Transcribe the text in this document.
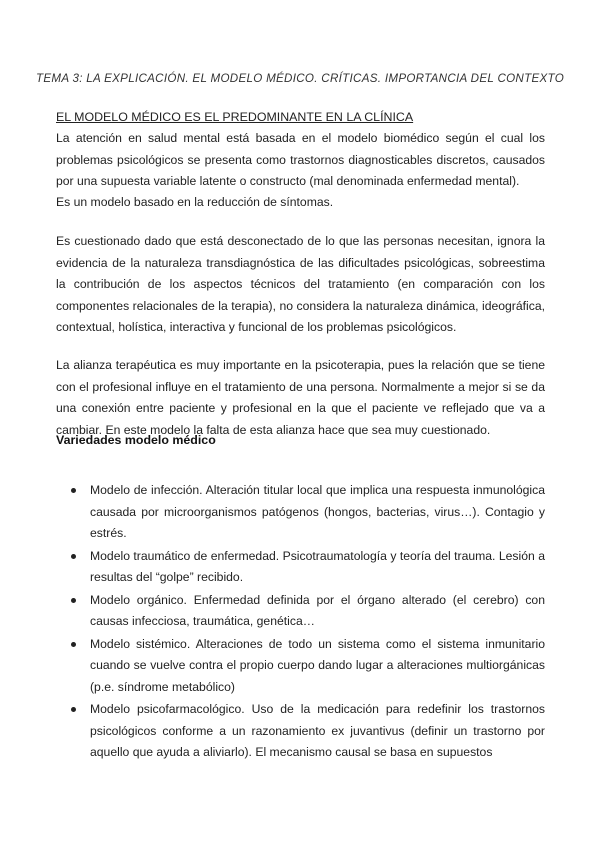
TEMA 3: LA EXPLICACIÓN. EL MODELO MÉDICO. CRÍTICAS. IMPORTANCIA DEL CONTEXTO
EL MODELO MÉDICO ES EL PREDOMINANTE EN LA CLÍNICA

La atención en salud mental está basada en el modelo biomédico según el cual los problemas psicológicos se presenta como trastornos diagnosticables discretos, causados por una supuesta variable latente o constructo (mal denominada enfermedad mental).

Es un modelo basado en la reducción de síntomas.

Es cuestionado dado que está desconectado de lo que las personas necesitan, ignora la evidencia de la naturaleza transdiagnóstica de las dificultades psicológicas, sobreestima la contribución de los aspectos técnicos del tratamiento (en comparación con los componentes relacionales de la terapia), no considera la naturaleza dinámica, ideográfica, contextual, holística, interactiva y funcional de los problemas psicológicos.

La alianza terapéutica es muy importante en la psicoterapia, pues la relación que se tiene con el profesional influye en el tratamiento de una persona. Normalmente a mejor si se da una conexión entre paciente y profesional en la que el paciente ve reflejado que va a cambiar. En este modelo la falta de esta alianza hace que sea muy cuestionado.

Variedades modelo médico
Modelo de infección. Alteración titular local que implica una respuesta inmunológica causada por microorganismos patógenos (hongos, bacterias, virus…). Contagio y estrés.
Modelo traumático de enfermedad. Psicotraumatología y teoría del trauma. Lesión a resultas del “golpe” recibido.
Modelo orgánico. Enfermedad definida por el órgano alterado (el cerebro) con causas infecciosa, traumática, genética…
Modelo sistémico. Alteraciones de todo un sistema como el sistema inmunitario cuando se vuelve contra el propio cuerpo dando lugar a alteraciones multiorgánicas (p.e. síndrome metabólico)
Modelo psicofarmacológico. Uso de la medicación para redefinir los trastornos psicológicos conforme a un razonamiento ex juvantivus (definir un trastorno por aquello que ayuda a aliviarlo). El mecanismo causal se basa en supuestos
